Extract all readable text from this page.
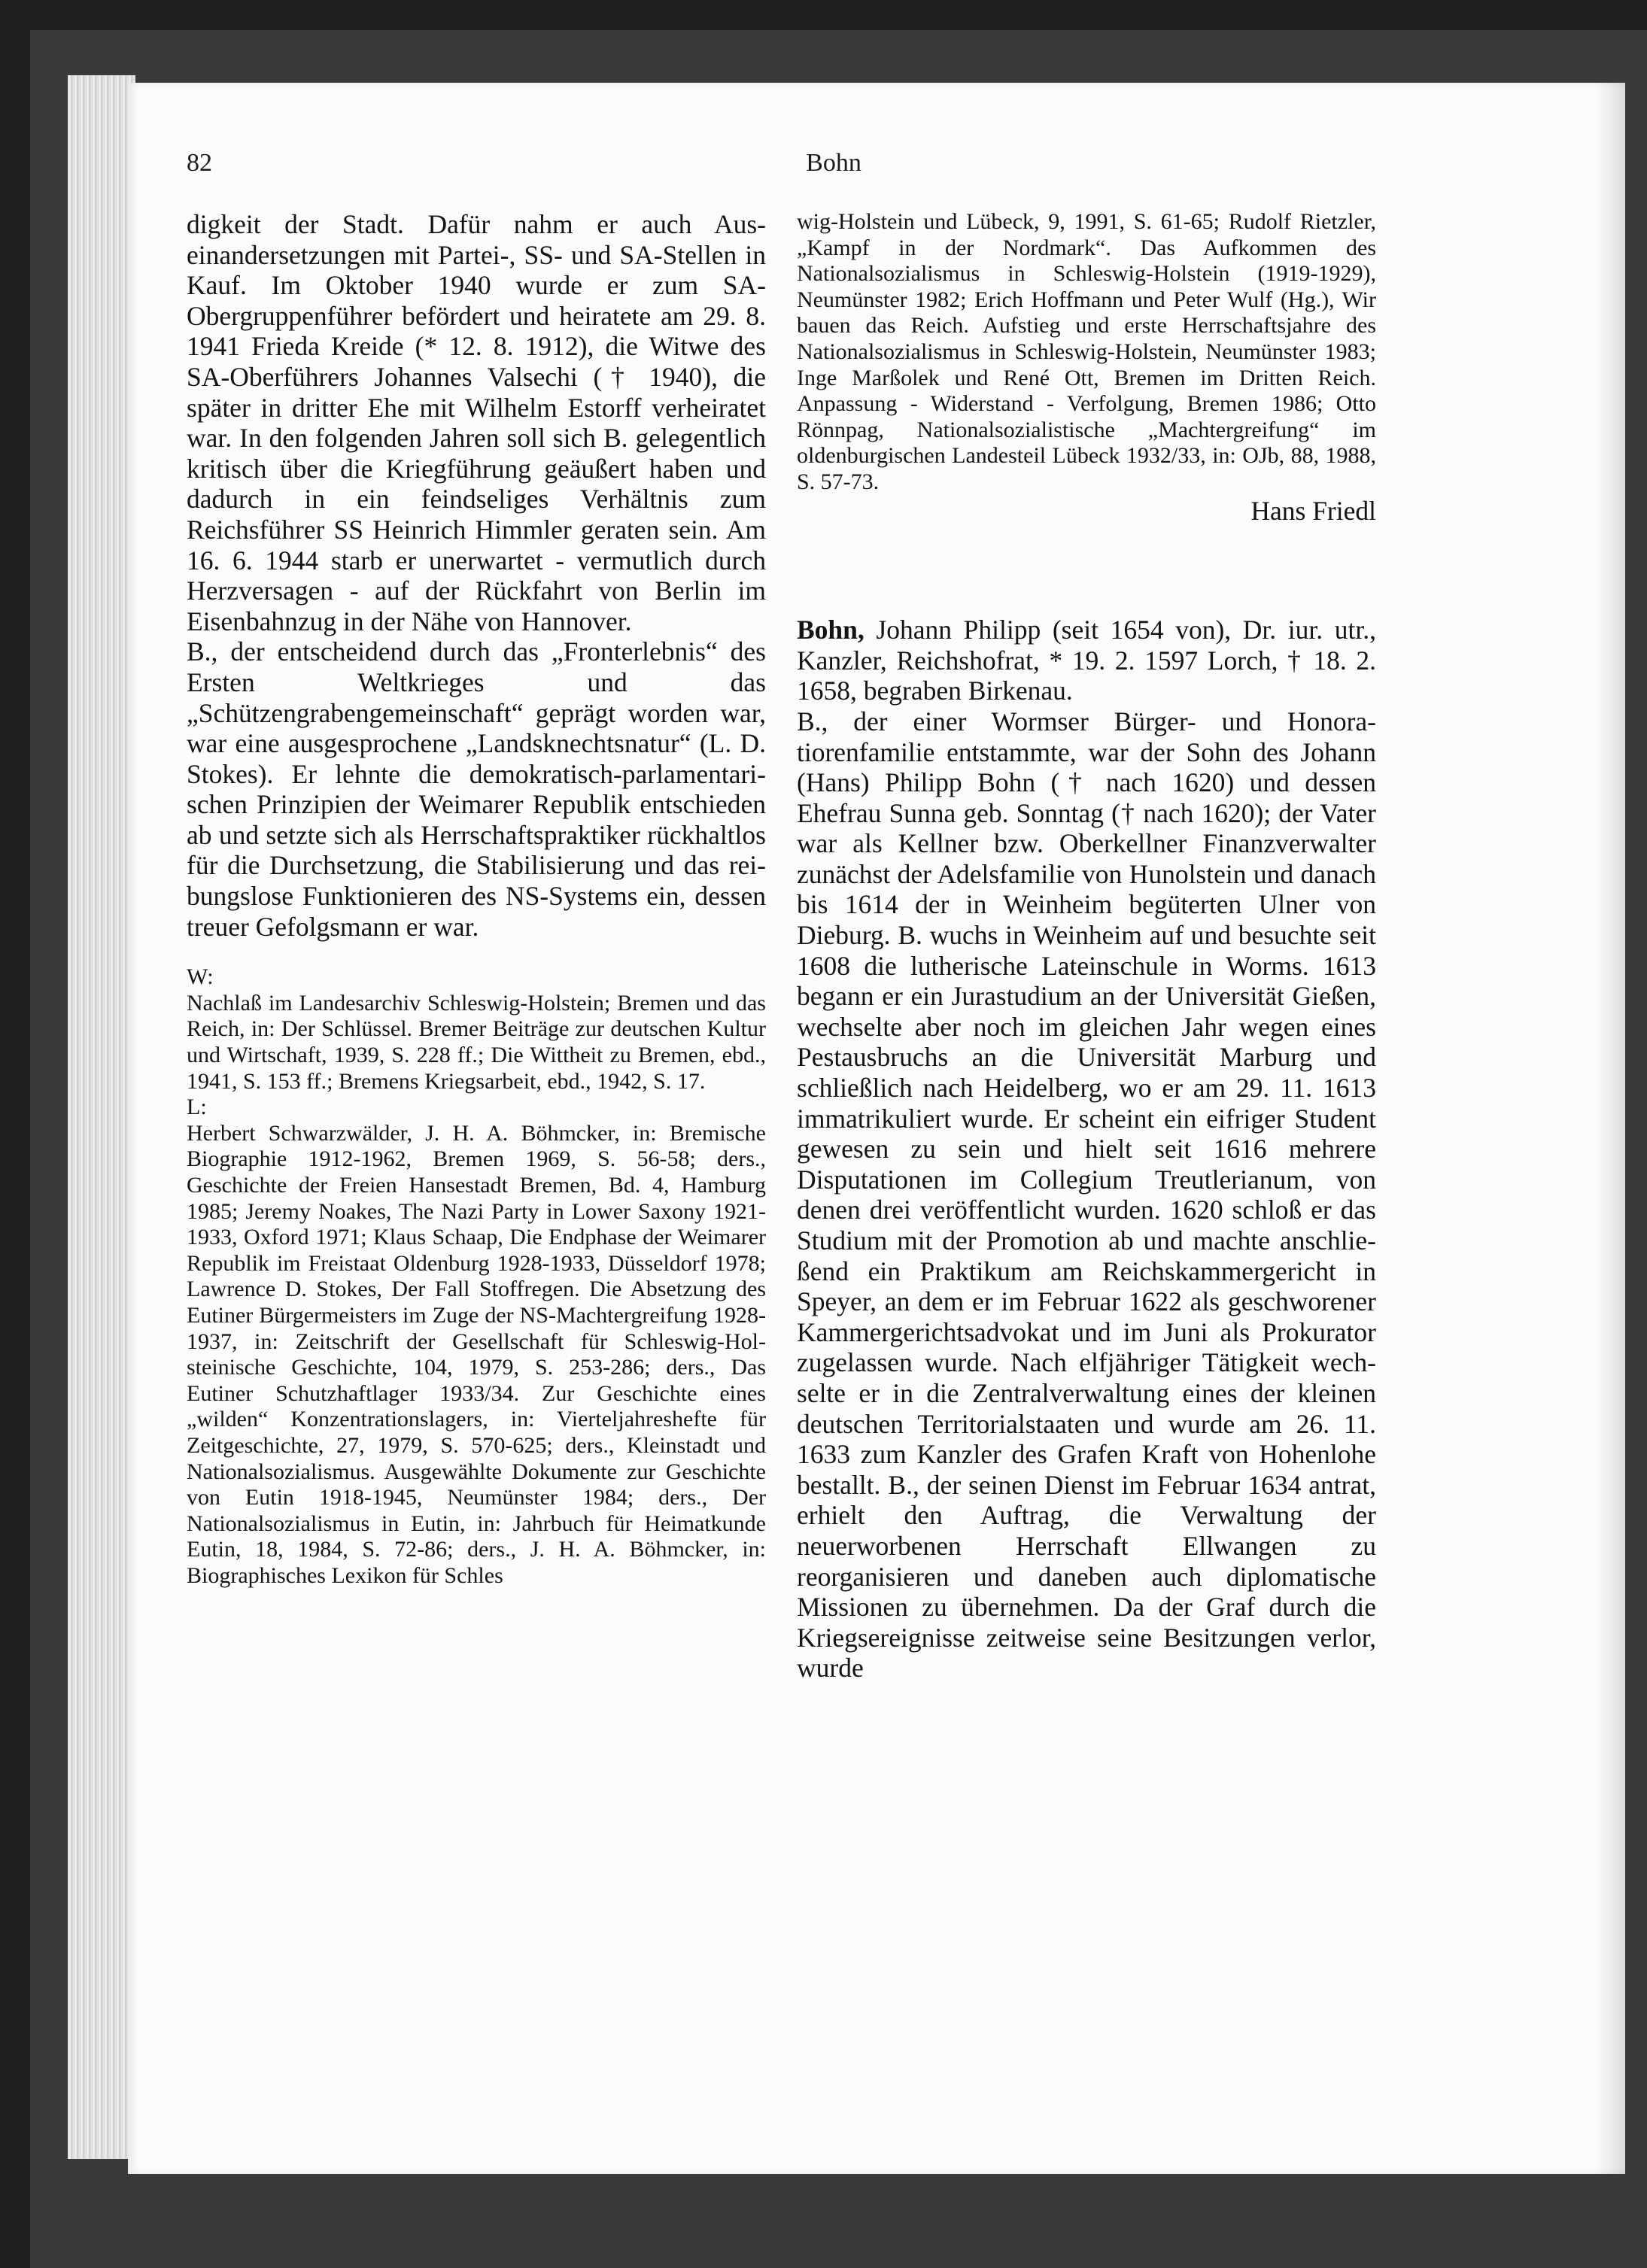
82	Bohn

digkeit der Stadt. Dafür nahm er auch Auseinandersetzungen mit Partei-, SS- und SA-Stellen in Kauf. Im Oktober 1940 wurde er zum SA-Obergruppenführer befördert und heiratete am 29. 8. 1941 Frieda Kreide (* 12. 8. 1912), die Witwe des SA-Oberführers Johannes Valsechi († 1940), die später in dritter Ehe mit Wilhelm Estorff verheiratet war. In den folgenden Jahren soll sich B. gelegentlich kritisch über die Kriegführung geäußert haben und dadurch in ein feindseliges Verhältnis zum Reichsführer SS Heinrich Himmler geraten sein. Am 16. 6. 1944 starb er unerwartet - vermutlich durch Herzversagen - auf der Rückfahrt von Berlin im Eisenbahnzug in der Nähe von Hannover.

B., der entscheidend durch das „Fronterlebnis“ des Ersten Weltkrieges und das „Schützengrabengemeinschaft“ geprägt worden war, war eine ausgesprochene „Landsknechtsnatur“ (L. D. Stokes). Er lehnte die demokratisch-parlamentarischen Prinzipien der Weimarer Republik entschieden ab und setzte sich als Herrschaftspraktiker rückhaltlos für die Durchsetzung, die Stabilisierung und das reibungslose Funktionieren des NS-Systems ein, dessen treuer Gefolgsmann er war.

W:

Nachlaß im Landesarchiv Schleswig-Holstein; Bremen und das Reich, in: Der Schlüssel. Bremer Beiträge zur deutschen Kultur und Wirtschaft, 1939, S. 228 ff.; Die Wittheit zu Bremen, ebd., 1941, S. 153 ff.; Bremens Kriegsarbeit, ebd., 1942, S. 17.

L:

Herbert Schwarzwälder, J. H. A. Böhmcker, in: Bremische Biographie 1912-1962, Bremen 1969, S. 56-58; ders., Geschichte der Freien Hansestadt Bremen, Bd. 4, Hamburg 1985; Jeremy Noakes, The Nazi Party in Lower Saxony 1921-1933, Oxford 1971; Klaus Schaap, Die Endphase der Weimarer Republik im Freistaat Oldenburg 1928-1933, Düsseldorf 1978; Lawrence D. Stokes, Der Fall Stoffregen. Die Absetzung des Eutiner Bürgermeisters im Zuge der NS-Machtergreifung 1928-1937, in: Zeitschrift der Gesellschaft für Schleswig-Holsteinische Geschichte, 104, 1979, S. 253-286; ders., Das Eutiner Schutzhaftlager 1933/34. Zur Geschichte eines „wilden“ Konzentrationslagers, in: Vierteljahreshefte für Zeitgeschichte, 27, 1979, S. 570-625; ders., Kleinstadt und Nationalsozialismus. Ausgewählte Dokumente zur Geschichte von Eutin 1918-1945, Neumünster 1984; ders., Der Nationalsozialismus in Eutin, in: Jahrbuch für Heimatkunde Eutin, 18, 1984, S. 72-86; ders., J. H. A. Böhmcker, in: Biographisches Lexikon für Schles

wig-Holstein und Lübeck, 9, 1991, S. 61-65; Rudolf Rietzler, „Kampf in der Nordmark“. Das Aufkommen des Nationalsozialismus in Schleswig-Holstein (1919-1929), Neumünster 1982; Erich Hoffmann und Peter Wulf (Hg.), Wir bauen das Reich. Aufstieg und erste Herrschaftsjahre des Nationalsozialismus in Schleswig-Holstein, Neumünster 1983; Inge Marßolek und René Ott, Bremen im Dritten Reich. Anpassung - Widerstand - Verfolgung, Bremen 1986; Otto Rönnpag, Nationalsozialistische „Machtergreifung“ im oldenburgischen Landesteil Lübeck 1932/33, in: OJb, 88, 1988, S. 57-73.

Hans Friedl

Bohn, Johann Philipp (seit 1654 von), Dr. iur. utr., Kanzler, Reichshofrat, * 19. 2. 1597 Lorch, † 18. 2. 1658, begraben Birkenau.

B., der einer Wormser Bürger- und Honoratiorenfamilie entstammte, war der Sohn des Johann (Hans) Philipp Bohn († nach 1620) und dessen Ehefrau Sunna geb. Sonntag († nach 1620); der Vater war als Kellner bzw. Oberkellner Finanzverwalter zunächst der Adelsfamilie von Hunolstein und danach bis 1614 der in Weinheim begüterten Ulner von Dieburg. B. wuchs in Weinheim auf und besuchte seit 1608 die lutherische Lateinschule in Worms. 1613 begann er ein Jurastudium an der Universität Gießen, wechselte aber noch im gleichen Jahr wegen eines Pestausbruchs an die Universität Marburg und schließlich nach Heidelberg, wo er am 29. 11. 1613 immatrikuliert wurde. Er scheint ein eifriger Student gewesen zu sein und hielt seit 1616 mehrere Disputationen im Collegium Treutlerianum, von denen drei veröffentlicht wurden. 1620 schloß er das Studium mit der Promotion ab und machte anschließend ein Praktikum am Reichskammergericht in Speyer, an dem er im Februar 1622 als geschworener Kammergerichtsadvokat und im Juni als Prokurator zugelassen wurde. Nach elfjähriger Tätigkeit wechselte er in die Zentralverwaltung eines der kleinen deutschen Territorialstaaten und wurde am 26. 11. 1633 zum Kanzler des Grafen Kraft von Hohenlohe bestallt. B., der seinen Dienst im Februar 1634 antrat, erhielt den Auftrag, die Verwaltung der neuerworbenen Herrschaft Ellwangen zu reorganisieren und daneben auch diplomatische Missionen zu übernehmen. Da der Graf durch die Kriegsereignisse zeitweise seine Besitzungen verlor, wurde
